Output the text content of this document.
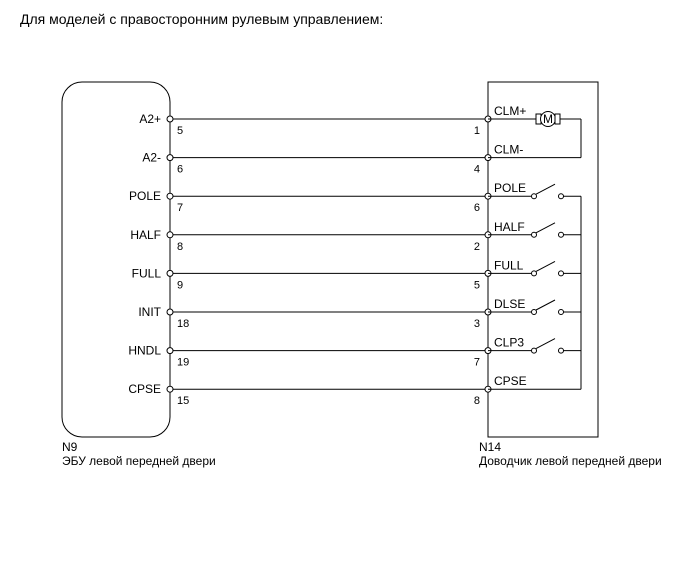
Для моделей с правосторонним рулевым управлением:
N9
ЭБУ левой передней двери
N14
Доводчик левой передней двери
A2+
5	1
CLM+
M
A2-
6	4
CLM-
POLE
7	6
POLE
HALF
8	2
HALF
FULL
9	5
FULL
INIT
18	3
DLSE
HNDL
19	7
CLP3
CPSE
15	8
CPSE
